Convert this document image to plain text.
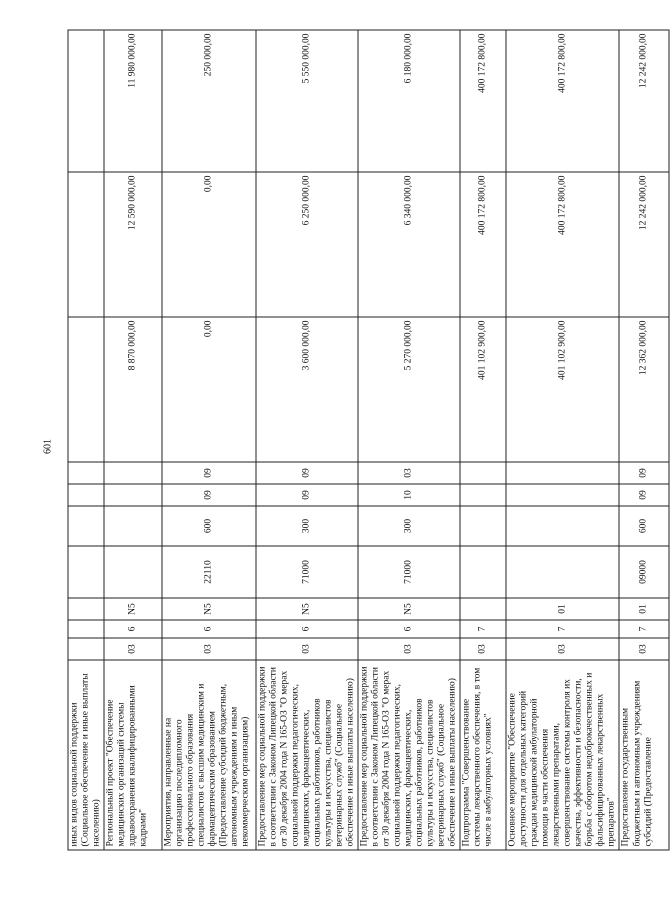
601
иных видов социальной поддержки (Социальное обеспечение и иные выплаты населению)										
Региональный проект "Обеспечение медицинских организаций системы здравоохранения квалифицированными кадрами"	03	6	N5					8 870 000,00	12 590 000,00	11 980 000,00
Мероприятия, направленные на организацию последипломного профессионального образования специалистов с высшим медицинским и фармацевтическим образованием (Предоставление субсидий бюджетным, автономным учреждениям и иным некоммерческим организациям)	03	6	N5	22110	600	09	09	0,00	0,00	250 000,00
Предоставление мер социальной поддержки в соответствии с Законом Липецкой области от 30 декабря 2004 года N 165-ОЗ "О мерах социальной поддержки педагогических, медицинских, фармацевтических, социальных работников, работников культуры и искусства, специалистов ветеринарных служб" (Социальное обеспечение и иные выплаты населению)	03	6	N5	71000	300	09	09	3 600 000,00	6 250 000,00	5 550 000,00
Предоставление мер социальной поддержки в соответствии с Законом Липецкой области от 30 декабря 2004 года N 165-ОЗ "О мерах социальной поддержки педагогических, медицинских, фармацевтических, социальных работников, работников культуры и искусства, специалистов ветеринарных служб" (Социальное обеспечение и иные выплаты населению)	03	6	N5	71000	300	10	03	5 270 000,00	6 340 000,00	6 180 000,00
Подпрограмма "Совершенствование системы лекарственного обеспечения, в том числе в амбулаторных условиях"	03	7						401 102 900,00	400 172 800,00	400 172 800,00
Основное мероприятие "Обеспечение доступности для отдельных категорий граждан медицинской амбулаторной помощи в части обеспечения лекарственными препаратами, совершенствование системы контроля их качества, эффективности и безопасности, борьба с оборотом недоброкачественных и фальсифицированных лекарственных препаратов"	03	7	01					401 102 900,00	400 172 800,00	400 172 800,00
Предоставление государственным бюджетным и автономным учреждениям субсидий (Предоставление	03	7	01	09000	600	09	09	12 362 000,00	12 242 000,00	12 242 000,00
